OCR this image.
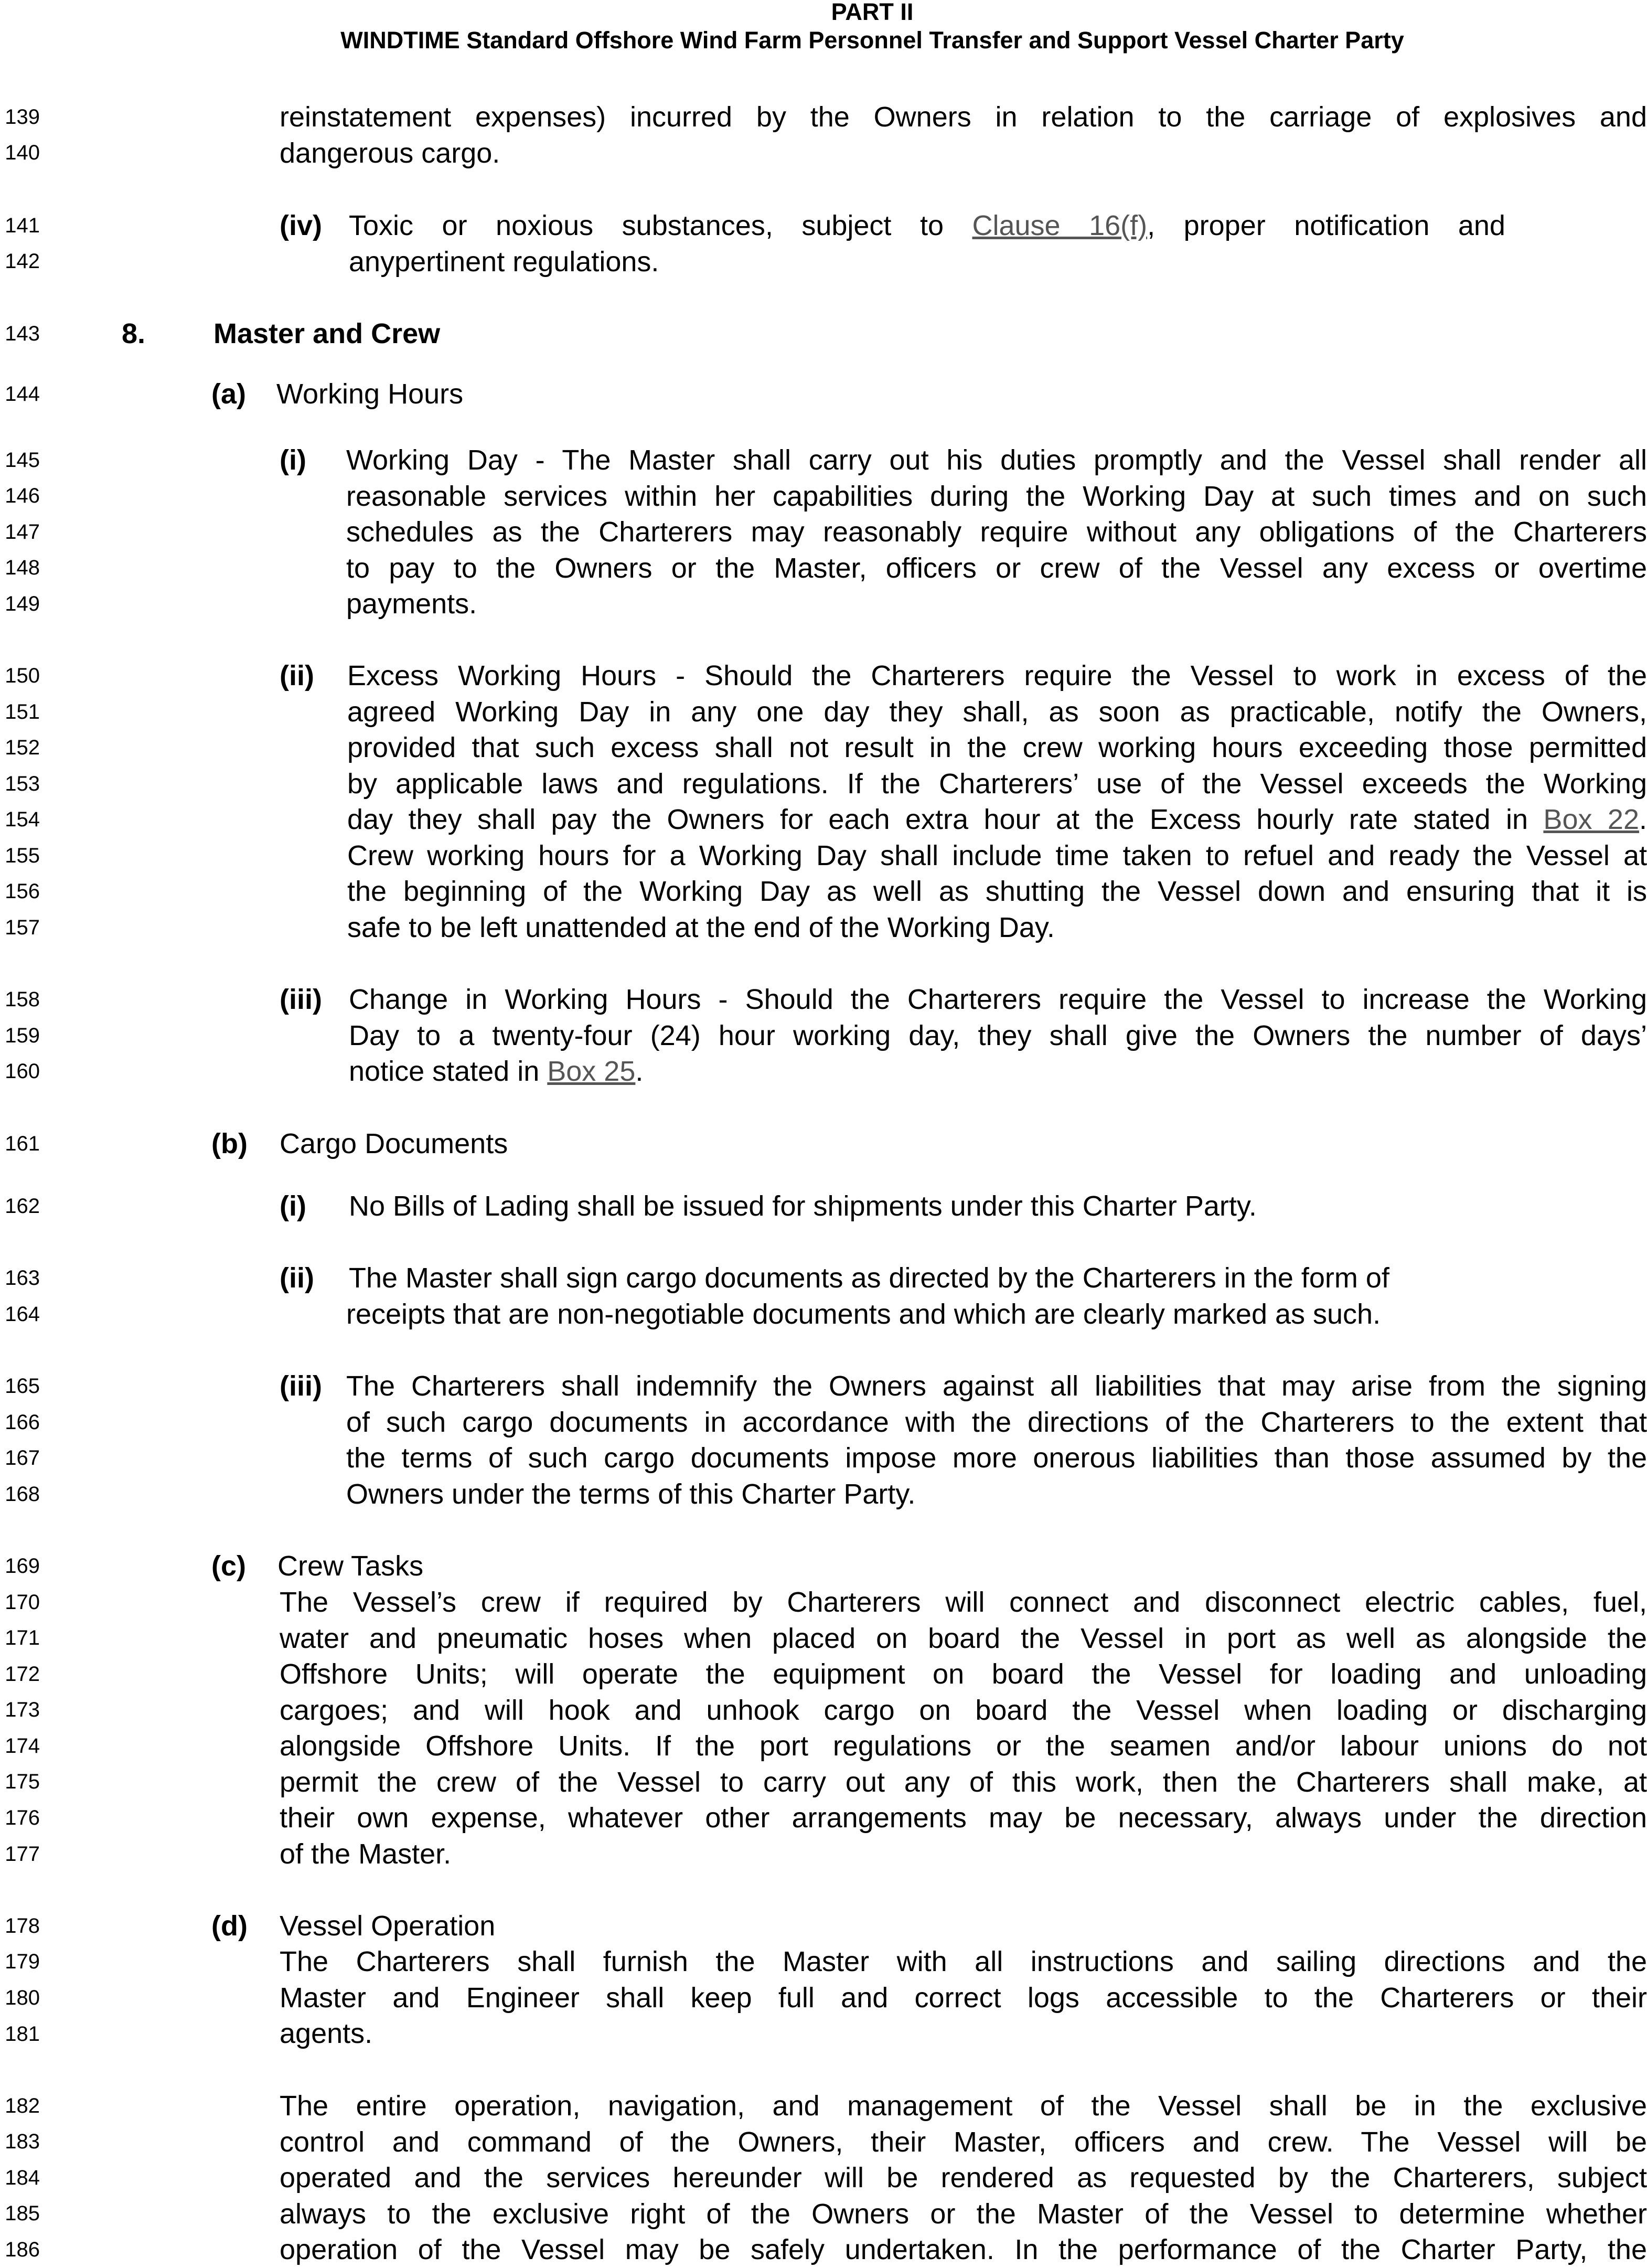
PART II
WINDTIME Standard Offshore Wind Farm Personnel Transfer and Support Vessel Charter Party
139
140
141
142
143
144
145
146
147
148
149
150
151
152
153
154
155
156
157
158
159
160
161
162
163
164
165
166
167
168
169
170
171
172
173
174
175
176
177
178
179
180
181
182
183
184
185
186
reinstatement expenses) incurred by the Owners in relation to the carriage of explosives and
dangerous cargo.
(iv) Toxic or noxious substances, subject to Clause 16(f), proper notification and
anypertinent regulations.
8. Master and Crew
(a) Working Hours
(i) Working Day - The Master shall carry out his duties promptly and the Vessel shall render all
reasonable services within her capabilities during the Working Day at such times and on such
schedules as the Charterers may reasonably require without any obligations of the Charterers
to pay to the Owners or the Master, officers or crew of the Vessel any excess or overtime
payments.
(ii) Excess Working Hours - Should the Charterers require the Vessel to work in excess of the
agreed Working Day in any one day they shall, as soon as practicable, notify the Owners,
provided that such excess shall not result in the crew working hours exceeding those permitted
by applicable laws and regulations. If the Charterers’ use of the Vessel exceeds the Working
day they shall pay the Owners for each extra hour at the Excess hourly rate stated in Box 22.
Crew working hours for a Working Day shall include time taken to refuel and ready the Vessel at
the beginning of the Working Day as well as shutting the Vessel down and ensuring that it is
safe to be left unattended at the end of the Working Day.
(iii) Change in Working Hours - Should the Charterers require the Vessel to increase the Working
Day to a twenty-four (24) hour working day, they shall give the Owners the number of days’
notice stated in Box 25.
(b) Cargo Documents
(i) No Bills of Lading shall be issued for shipments under this Charter Party.
(ii) The Master shall sign cargo documents as directed by the Charterers in the form of
receipts that are non-negotiable documents and which are clearly marked as such.
(iii) The Charterers shall indemnify the Owners against all liabilities that may arise from the signing
of such cargo documents in accordance with the directions of the Charterers to the extent that
the terms of such cargo documents impose more onerous liabilities than those assumed by the
Owners under the terms of this Charter Party.
(c) Crew Tasks
The Vessel’s crew if required by Charterers will connect and disconnect electric cables, fuel,
water and pneumatic hoses when placed on board the Vessel in port as well as alongside the
Offshore Units; will operate the equipment on board the Vessel for loading and unloading
cargoes; and will hook and unhook cargo on board the Vessel when loading or discharging
alongside Offshore Units. If the port regulations or the seamen and/or labour unions do not
permit the crew of the Vessel to carry out any of this work, then the Charterers shall make, at
their own expense, whatever other arrangements may be necessary, always under the direction
of the Master.
(d) Vessel Operation
The Charterers shall furnish the Master with all instructions and sailing directions and the
Master and Engineer shall keep full and correct logs accessible to the Charterers or their
agents.
The entire operation, navigation, and management of the Vessel shall be in the exclusive
control and command of the Owners, their Master, officers and crew. The Vessel will be
operated and the services hereunder will be rendered as requested by the Charterers, subject
always to the exclusive right of the Owners or the Master of the Vessel to determine whether
operation of the Vessel may be safely undertaken. In the performance of the Charter Party, the
